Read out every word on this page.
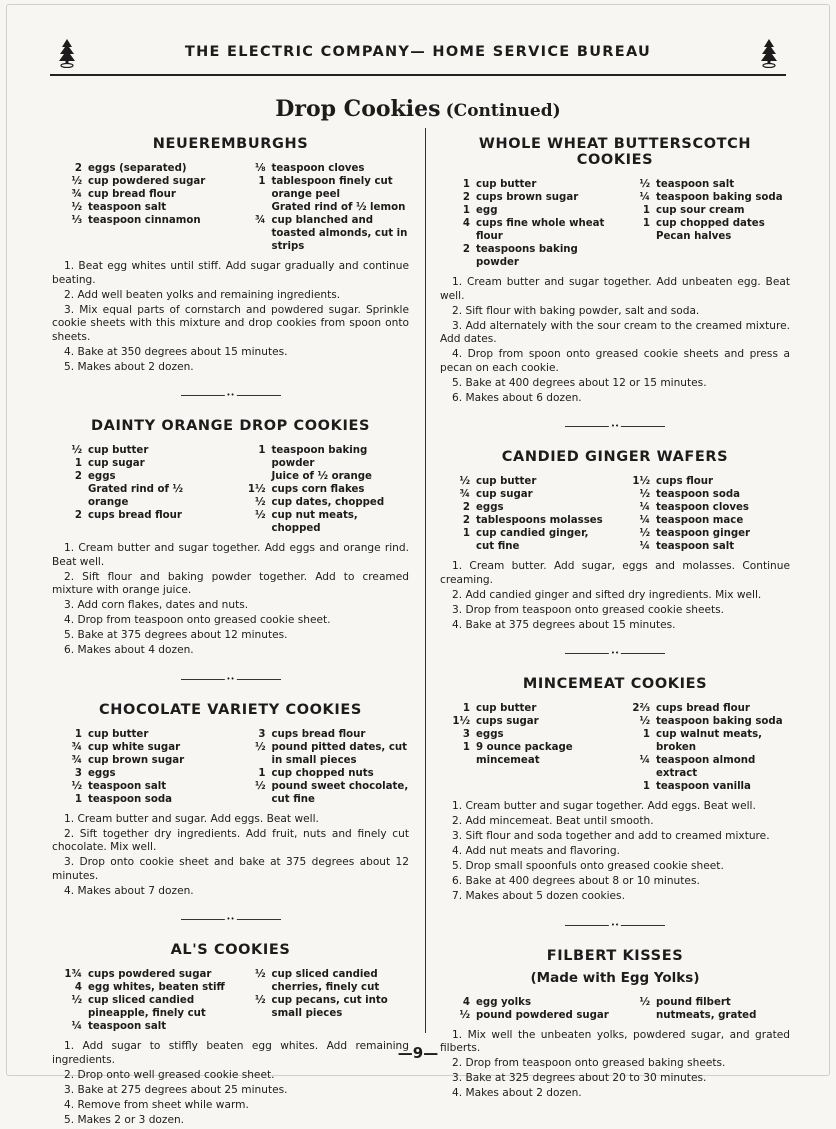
THE ELECTRIC COMPANY— HOME SERVICE BUREAU
Drop Cookies (Continued)
NEUEREMBURGHS
2 eggs (separated)
½ cup powdered sugar
¾ cup bread flour
½ teaspoon salt
⅓ teaspoon cinnamon
⅛ teaspoon cloves
1 tablespoon finely cut orange peel
Grated rind of ½ lemon
¾ cup blanched and toasted almonds, cut in strips

1. Beat egg whites until stiff. Add sugar gradually and continue beating.

2. Add well beaten yolks and remaining ingredients.

3. Mix equal parts of cornstarch and powdered sugar. Sprinkle cookie sheets with this mixture and drop cookies from spoon onto sheets.

4. Bake at 350 degrees about 15 minutes.

5. Makes about 2 dozen.

••
DAINTY ORANGE DROP COOKIES
½ cup butter
1 cup sugar
2 eggs
Grated rind of ½ orange
2 cups bread flour
1 teaspoon baking powder
Juice of ½ orange
1½ cups corn flakes
½ cup dates, chopped
½ cup nut meats, chopped

1. Cream butter and sugar together. Add eggs and orange rind. Beat well.

2. Sift flour and baking powder together. Add to creamed mixture with orange juice.

3. Add corn flakes, dates and nuts.

4. Drop from teaspoon onto greased cookie sheet.

5. Bake at 375 degrees about 12 minutes.

6. Makes about 4 dozen.

••
CHOCOLATE VARIETY COOKIES
1 cup butter
¾ cup white sugar
¾ cup brown sugar
3 eggs
½ teaspoon salt
1 teaspoon soda
3 cups bread flour
½ pound pitted dates, cut in small pieces
1 cup chopped nuts
½ pound sweet chocolate, cut fine

1. Cream butter and sugar. Add eggs. Beat well.

2. Sift together dry ingredients. Add fruit, nuts and finely cut chocolate. Mix well.

3. Drop onto cookie sheet and bake at 375 degrees about 12 minutes.

4. Makes about 7 dozen.

••
AL'S COOKIES
1¾ cups powdered sugar
4 egg whites, beaten stiff
½ cup sliced candied pineapple, finely cut
¼ teaspoon salt
½ cup sliced candied cherries, finely cut
½ cup pecans, cut into small pieces

1. Add sugar to stiffly beaten egg whites. Add remaining ingredients.

2. Drop onto well greased cookie sheet.

3. Bake at 275 degrees about 25 minutes.

4. Remove from sheet while warm.

5. Makes 2 or 3 dozen.

WHOLE WHEAT BUTTERSCOTCH COOKIES
1 cup butter
2 cups brown sugar
1 egg
4 cups fine whole wheat flour
2 teaspoons baking powder
½ teaspoon salt
¼ teaspoon baking soda
1 cup sour cream
1 cup chopped dates Pecan halves

1. Cream butter and sugar together. Add unbeaten egg. Beat well.

2. Sift flour with baking powder, salt and soda.

3. Add alternately with the sour cream to the creamed mixture. Add dates.

4. Drop from spoon onto greased cookie sheets and press a pecan on each cookie.

5. Bake at 400 degrees about 12 or 15 minutes.

6. Makes about 6 dozen.

••
CANDIED GINGER WAFERS
½ cup butter
¾ cup sugar
2 eggs
2 tablespoons molasses
1 cup candied ginger, cut fine
1½ cups flour
½ teaspoon soda
¼ teaspoon cloves
¼ teaspoon mace
½ teaspoon ginger
¼ teaspoon salt

1. Cream butter. Add sugar, eggs and molasses. Continue creaming.

2. Add candied ginger and sifted dry ingredients. Mix well.

3. Drop from teaspoon onto greased cookie sheets.

4. Bake at 375 degrees about 15 minutes.

••
MINCEMEAT COOKIES
1 cup butter
1½ cups sugar
3 eggs
1 9 ounce package mincemeat
2⅔ cups bread flour
½ teaspoon baking soda
1 cup walnut meats, broken
¼ teaspoon almond extract
1 teaspoon vanilla

1. Cream butter and sugar together. Add eggs. Beat well.

2. Add mincemeat. Beat until smooth.

3. Sift flour and soda together and add to creamed mixture.

4. Add nut meats and flavoring.

5. Drop small spoonfuls onto greased cookie sheet.

6. Bake at 400 degrees about 8 or 10 minutes.

7. Makes about 5 dozen cookies.

••
FILBERT KISSES
(Made with Egg Yolks)
4 egg yolks
½ pound powdered sugar
½ pound filbert nutmeats, grated

1. Mix well the unbeaten yolks, powdered sugar, and grated filberts.

2. Drop from teaspoon onto greased baking sheets.

3. Bake at 325 degrees about 20 to 30 minutes.

4. Makes about 2 dozen.

—9—
